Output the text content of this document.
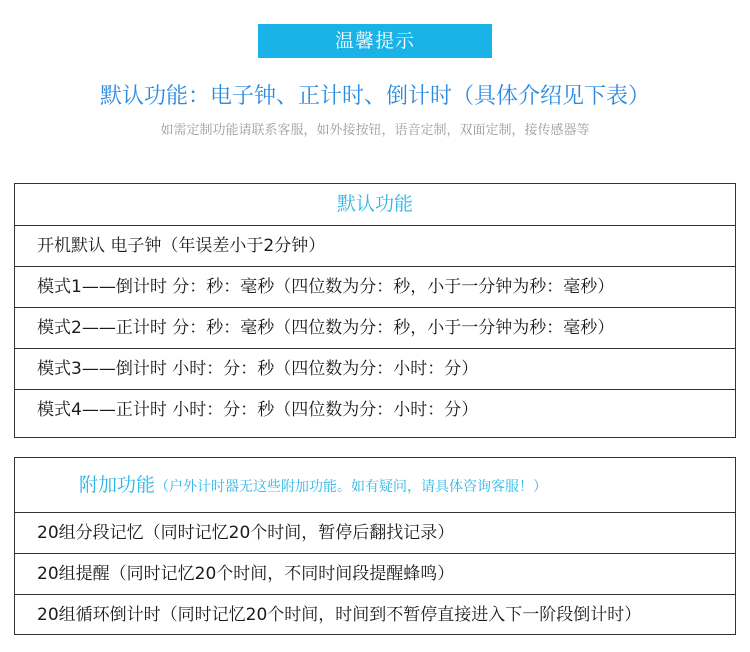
温馨提示
默认功能：电子钟、正计时、倒计时（具体介绍见下表）
如需定制功能请联系客服，如外接按钮，语音定制，双面定制，接传感器等
默认功能
开机默认 电子钟（年误差小于2分钟）
模式1——倒计时 分：秒：毫秒（四位数为分：秒，小于一分钟为秒：毫秒）
模式2——正计时 分：秒：毫秒（四位数为分：秒，小于一分钟为秒：毫秒）
模式3——倒计时 小时：分：秒（四位数为分：小时：分）
模式4——正计时 小时：分：秒（四位数为分：小时：分）
附加功能（户外计时器无这些附加功能。如有疑问，请具体咨询客服！）
20组分段记忆（同时记忆20个时间，暂停后翻找记录）
20组提醒（同时记忆20个时间，不同时间段提醒蜂鸣）
20组循环倒计时（同时记忆20个时间，时间到不暂停直接进入下一阶段倒计时）
